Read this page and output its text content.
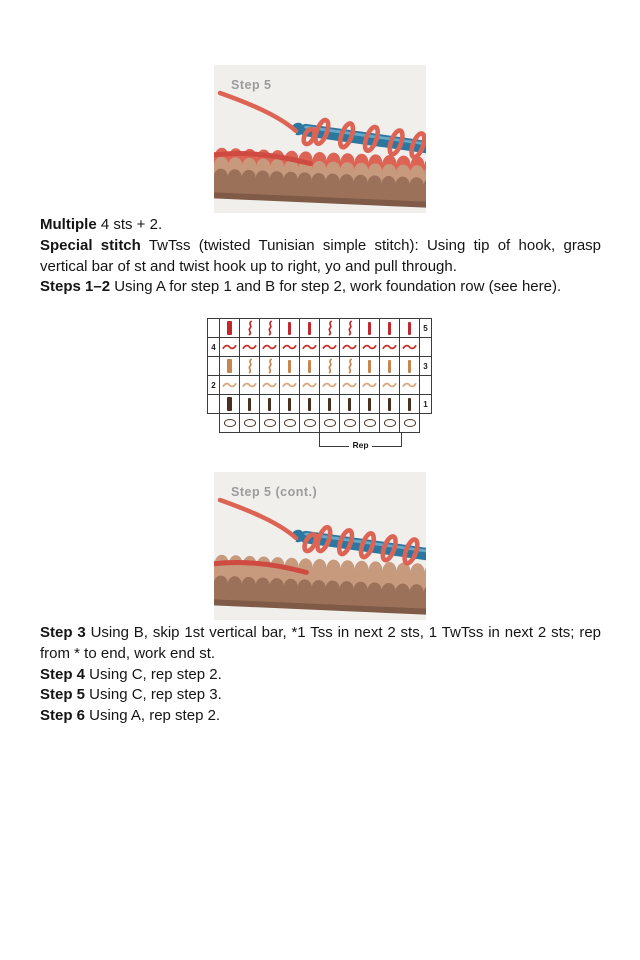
Step 5

Multiple 4 sts + 2.

Special stitch TwTss (twisted Tunisian simple stitch): Using tip of hook, grasp vertical bar of st and twist hook up to right, yo and pull through.

Steps 1–2 Using A for step 1 and B for step 2, work foundation row (see here).

5
4
3
2
1
Rep
Step 5 (cont.)

Step 3 Using B, skip 1st vertical bar, *1 Tss in next 2 sts, 1 TwTss in next 2 sts; rep from * to end, work end st.

Step 4 Using C, rep step 2.

Step 5 Using C, rep step 3.

Step 6 Using A, rep step 2.
